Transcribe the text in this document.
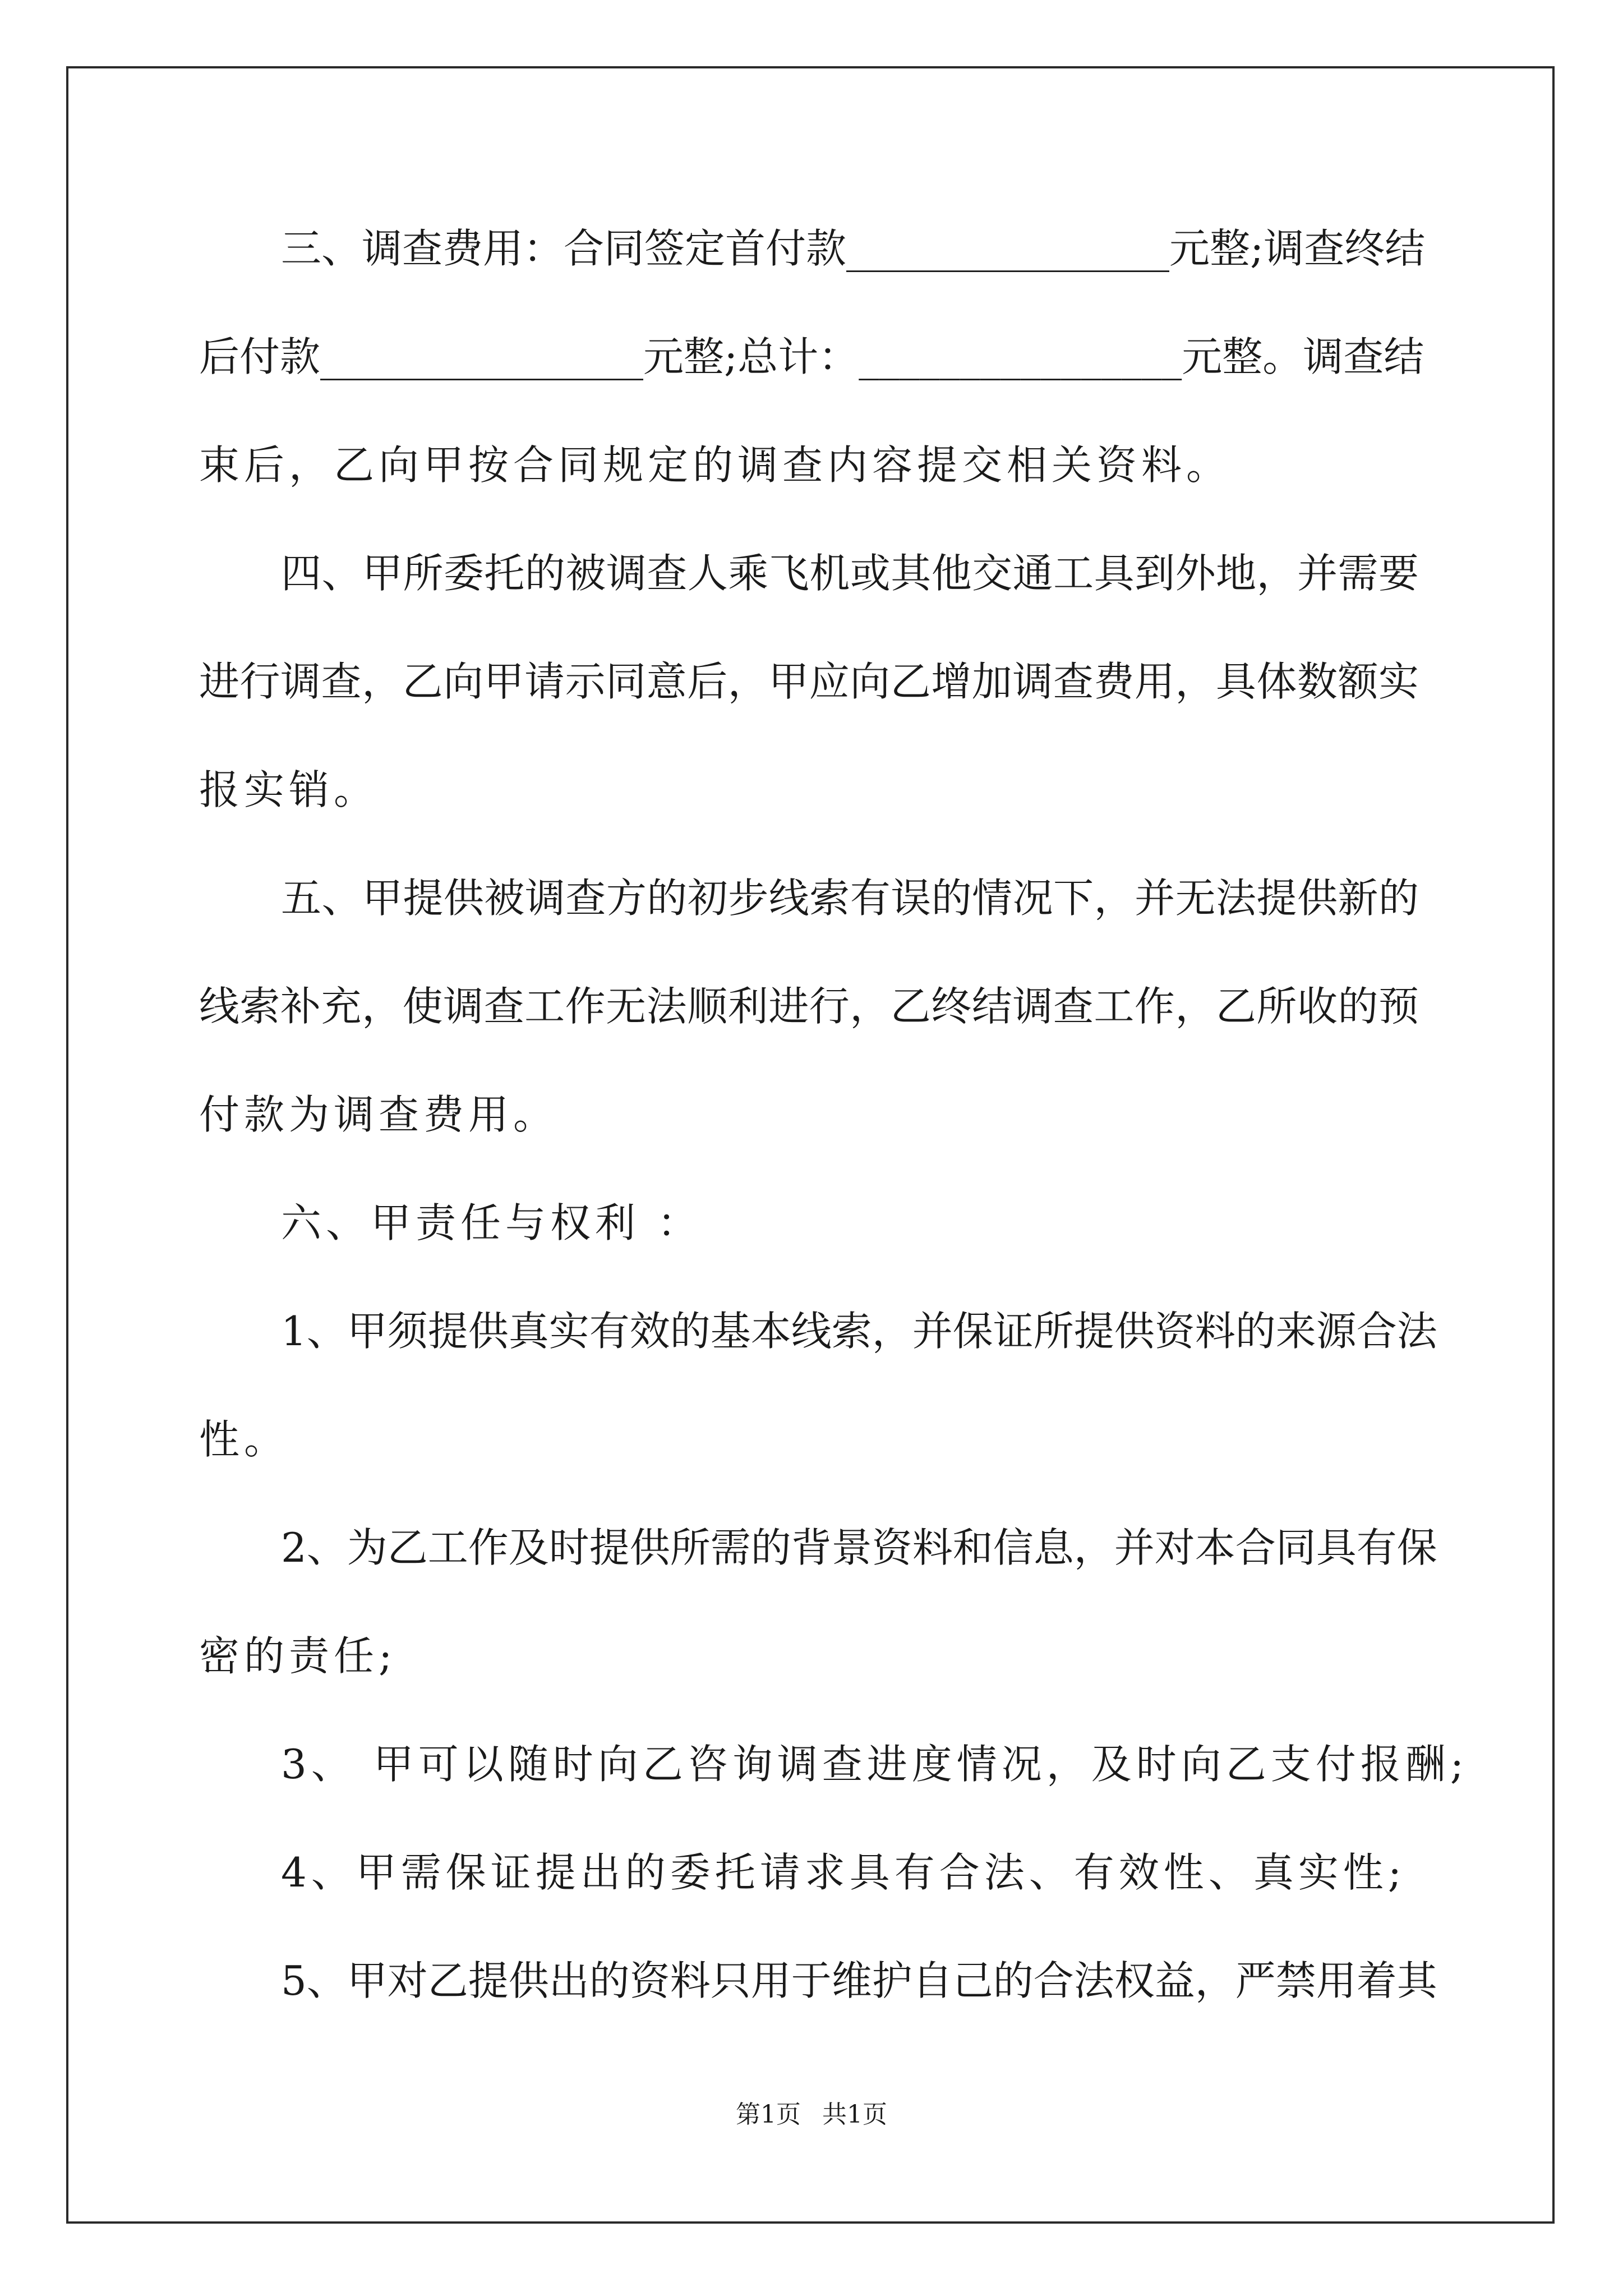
三、调查费用：合同签定首付款________________元整;调查终结
后付款________________元整;总计：________________元整。调查结
束后，乙向甲按合同规定的调查内容提交相关资料。
四、甲所委托的被调查人乘飞机或其他交通工具到外地，并需要
进行调查，乙向甲请示同意后，甲应向乙增加调查费用，具体数额实
报实销。
五、甲提供被调查方的初步线索有误的情况下，并无法提供新的
线索补充，使调查工作无法顺利进行，乙终结调查工作，乙所收的预
付款为调查费用。
六、甲责任与权利 ：
1、甲须提供真实有效的基本线索，并保证所提供资料的来源合法
性。
2、为乙工作及时提供所需的背景资料和信息，并对本合同具有保
密的责任;
3、 甲可以随时向乙咨询调查进度情况，及时向乙支付报酬;
4、甲需保证提出的委托请求具有合法、有效性、真实性;
5、甲对乙提供出的资料只用于维护自己的合法权益，严禁用着其
第1页 共1页
